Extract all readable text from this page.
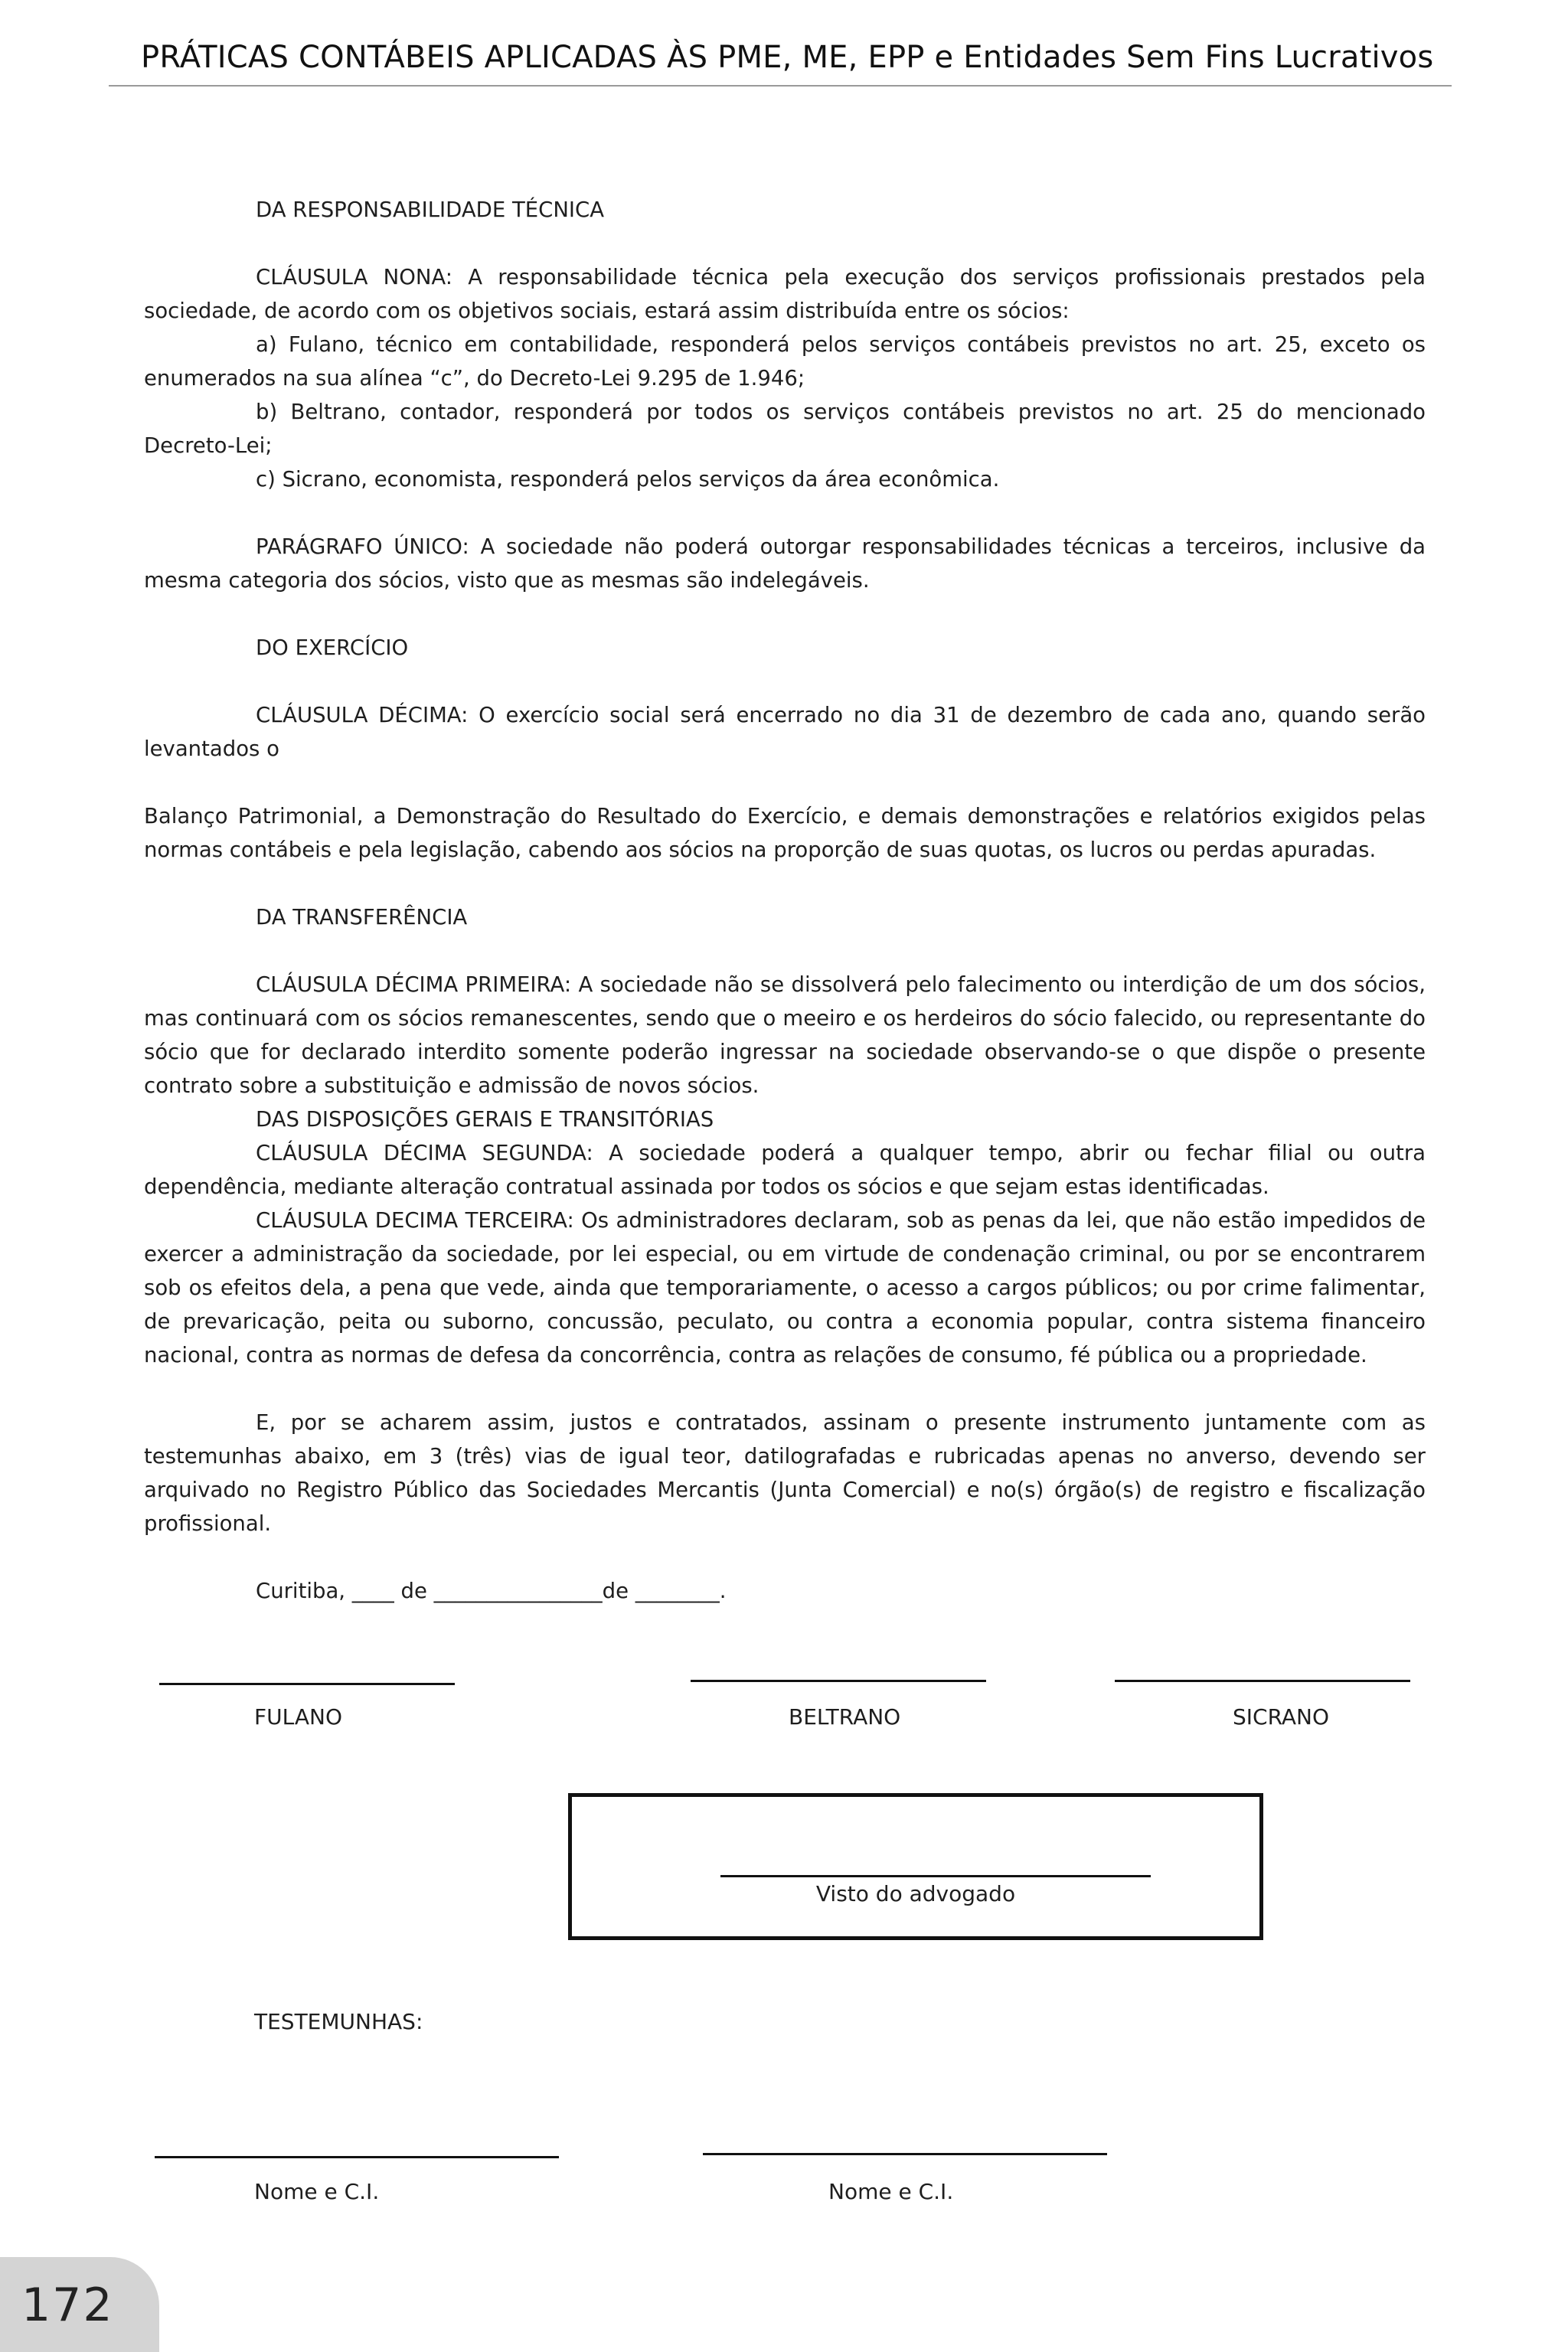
PRÁTICAS CONTÁBEIS APLICADAS ÀS PME, ME, EPP e Entidades Sem Fins Lucrativos

DA RESPONSABILIDADE TÉCNICA

CLÁUSULA NONA: A responsabilidade técnica pela execução dos serviços profissionais prestados pela sociedade, de acordo com os objetivos sociais, estará assim distribuída entre os sócios:

a) Fulano, técnico em contabilidade, responderá pelos serviços contábeis previstos no art. 25, exceto os enumerados na sua alínea “c”, do Decreto-Lei 9.295 de 1.946;

b) Beltrano, contador, responderá por todos os serviços contábeis previstos no art. 25 do mencionado Decreto-Lei;

c) Sicrano, economista, responderá pelos serviços da área econômica.

PARÁGRAFO ÚNICO: A sociedade não poderá outorgar responsabilidades técnicas a terceiros, inclusive da mesma categoria dos sócios, visto que as mesmas são indelegáveis.

DO EXERCÍCIO

CLÁUSULA DÉCIMA: O exercício social será encerrado no dia 31 de dezembro de cada ano, quando serão levantados o

Balanço Patrimonial, a Demonstração do Resultado do Exercício, e demais demonstrações e relatórios exigidos pelas normas contábeis e pela legislação, cabendo aos sócios na proporção de suas quotas, os lucros ou perdas apuradas.

DA TRANSFERÊNCIA

CLÁUSULA DÉCIMA PRIMEIRA: A sociedade não se dissolverá pelo falecimento ou interdição de um dos sócios, mas continuará com os sócios remanescentes, sendo que o meeiro e os herdeiros do sócio falecido, ou representante do sócio que for declarado interdito somente poderão ingressar na sociedade observando-se o que dispõe o presente contrato sobre a substituição e admissão de novos sócios.

DAS DISPOSIÇÕES GERAIS E TRANSITÓRIAS

CLÁUSULA DÉCIMA SEGUNDA: A sociedade poderá a qualquer tempo, abrir ou fechar filial ou outra dependência, mediante alteração contratual assinada por todos os sócios e que sejam estas identificadas.

CLÁUSULA DECIMA TERCEIRA: Os administradores declaram, sob as penas da lei, que não estão impedidos de exercer a administração da sociedade, por lei especial, ou em virtude de condenação criminal, ou por se encontrarem sob os efeitos dela, a pena que vede, ainda que temporariamente, o acesso a cargos públicos; ou por crime falimentar, de prevaricação, peita ou suborno, concussão, peculato, ou contra a economia popular, contra sistema financeiro nacional, contra as normas de defesa da concorrência, contra as relações de consumo, fé pública ou a propriedade.

E, por se acharem assim, justos e contratados, assinam o presente instrumento juntamente com as testemunhas abaixo, em 3 (três) vias de igual teor, datilografadas e rubricadas apenas no anverso, devendo ser arquivado no Registro Público das Sociedades Mercantis (Junta Comercial) e no(s) órgão(s) de registro e fiscalização profissional.

Curitiba, ____ de ________________de ________.

FULANO	BELTRANO	SICRANO
Visto do advogado
TESTEMUNHAS:
Nome e C.I.	Nome e C.I.
172
